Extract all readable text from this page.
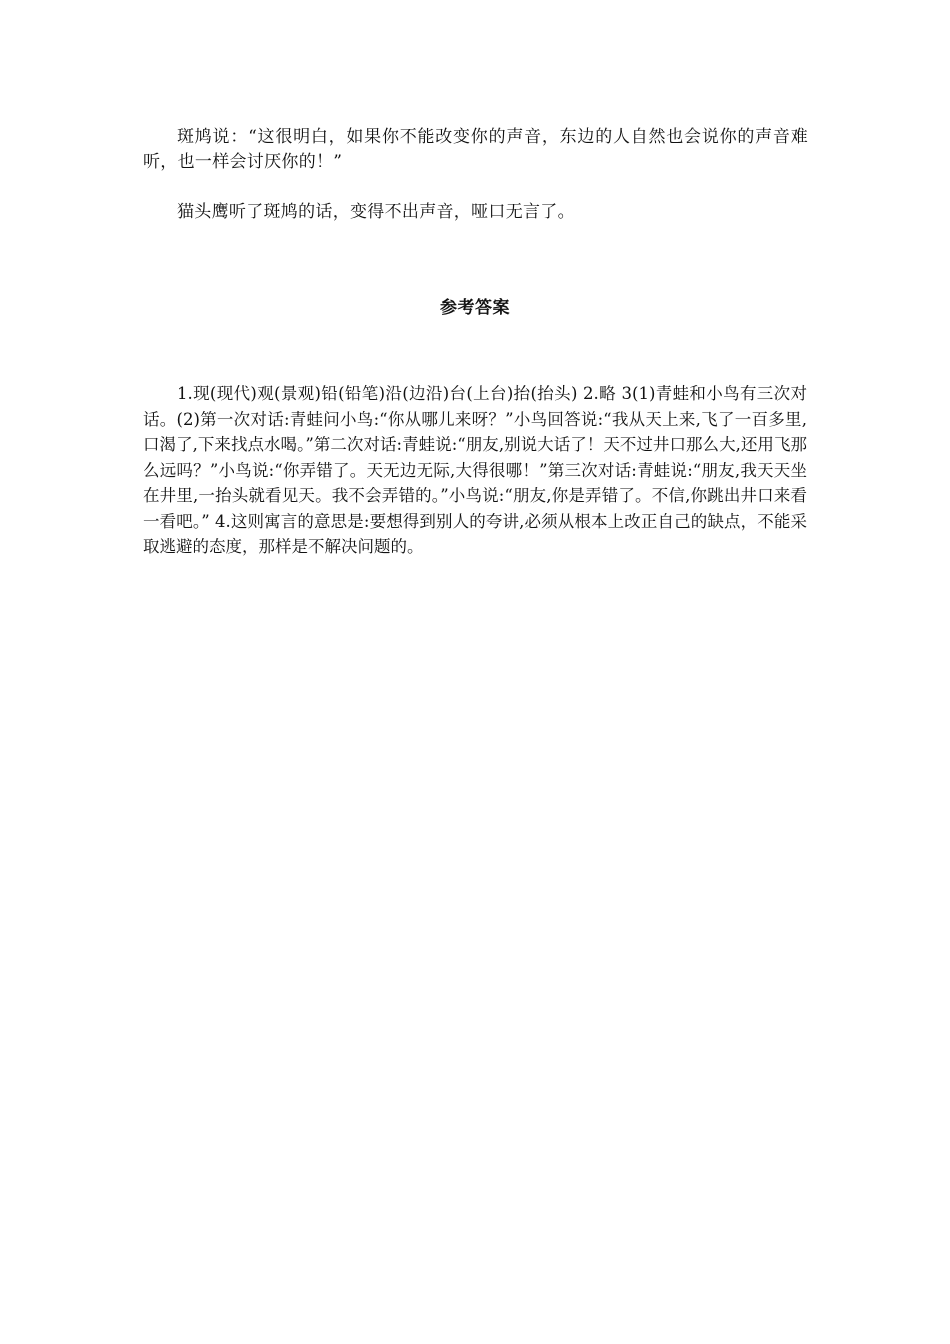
斑鸠说：“这很明白，如果你不能改变你的声音，东边的人自然也会说你的声音难听，也一样会讨厌你的！”

猫头鹰听了斑鸠的话，变得不出声音，哑口无言了。

参考答案

1.现(现代)观(景观)铅(铅笔)沿(边沿)台(上台)抬(抬头) 2.略 3(1)青蛙和小鸟有三次对话。(2)第一次对话:青蛙问小鸟:“你从哪儿来呀？”小鸟回答说:“我从天上来,飞了一百多里,口渴了,下来找点水喝。”第二次对话:青蛙说:“朋友,别说大话了！天不过井口那么大,还用飞那么远吗？”小鸟说:“你弄错了。天无边无际,大得很哪！”第三次对话:青蛙说:“朋友,我天天坐在井里,一抬头就看见天。我不会弄错的。”小鸟说:“朋友,你是弄错了。不信,你跳出井口来看一看吧。” 4.这则寓言的意思是:要想得到别人的夸讲,必须从根本上改正自己的缺点，不能采取逃避的态度，那样是不解决问题的。
